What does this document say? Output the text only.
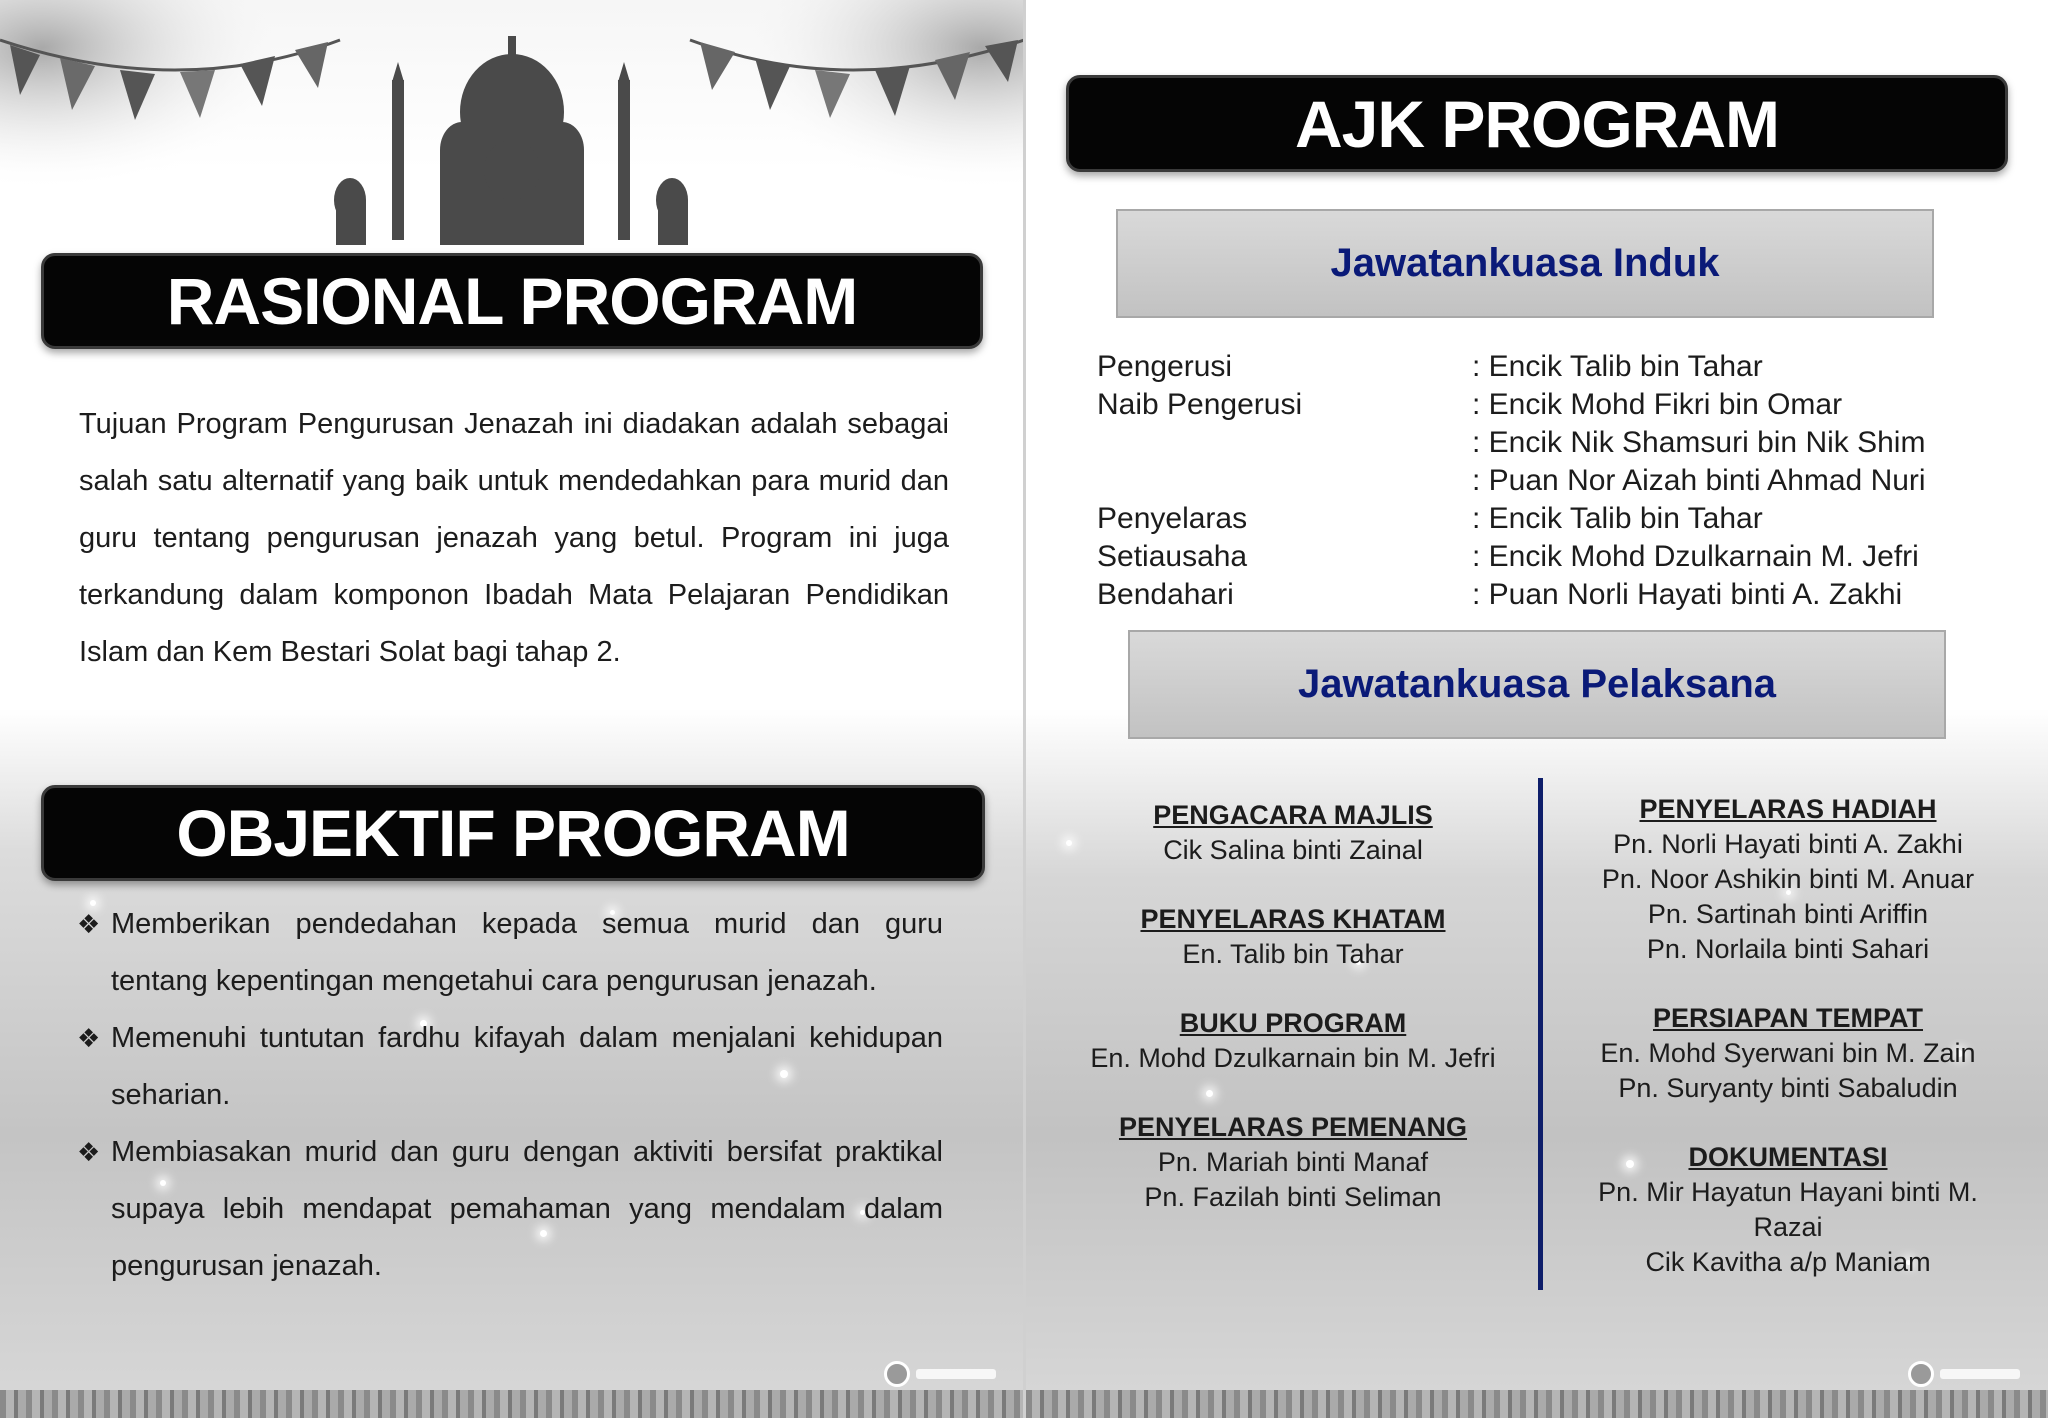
RASIONAL PROGRAM

Tujuan Program Pengurusan Jenazah ini diadakan adalah sebagai salah satu alternatif yang baik untuk mendedahkan para murid dan guru tentang pengurusan jenazah yang betul. Program ini juga terkandung dalam komponon Ibadah Mata Pelajaran Pendidikan Islam dan Kem Bestari Solat bagi tahap 2.

OBJEKTIF PROGRAM
❖ Memberikan pendedahan kepada semua murid dan guru tentang kepentingan mengetahui cara pengurusan jenazah.
❖ Memenuhi tuntutan fardhu kifayah dalam menjalani kehidupan seharian.
❖ Membiasakan murid dan guru dengan aktiviti bersifat praktikal supaya lebih mendapat pemahaman yang mendalam dalam pengurusan jenazah.
AJK PROGRAM
Jawatankuasa Induk
Pengerusi	: Encik Talib bin Tahar
Naib Pengerusi	: Encik Mohd Fikri bin Omar
: Encik Nik Shamsuri bin Nik Shim
: Puan Nor Aizah binti Ahmad Nuri
Penyelaras	: Encik Talib bin Tahar
Setiausaha	: Encik Mohd Dzulkarnain M. Jefri
Bendahari	: Puan Norli Hayati binti A. Zakhi
Jawatankuasa Pelaksana
PENGACARA MAJLIS
Cik Salina binti Zainal
PENYELARAS KHATAM
En. Talib bin Tahar
BUKU PROGRAM
En. Mohd Dzulkarnain bin M. Jefri
PENYELARAS PEMENANG
Pn. Mariah binti Manaf
Pn. Fazilah binti Seliman
PENYELARAS HADIAH
Pn. Norli Hayati binti A. Zakhi
Pn. Noor Ashikin binti M. Anuar
Pn. Sartinah binti Ariffin
Pn. Norlaila binti Sahari
PERSIAPAN TEMPAT
En. Mohd Syerwani bin M. Zain
Pn. Suryanty binti Sabaludin
DOKUMENTASI
Pn. Mir Hayatun Hayani binti M.
Razai
Cik Kavitha a/p Maniam
